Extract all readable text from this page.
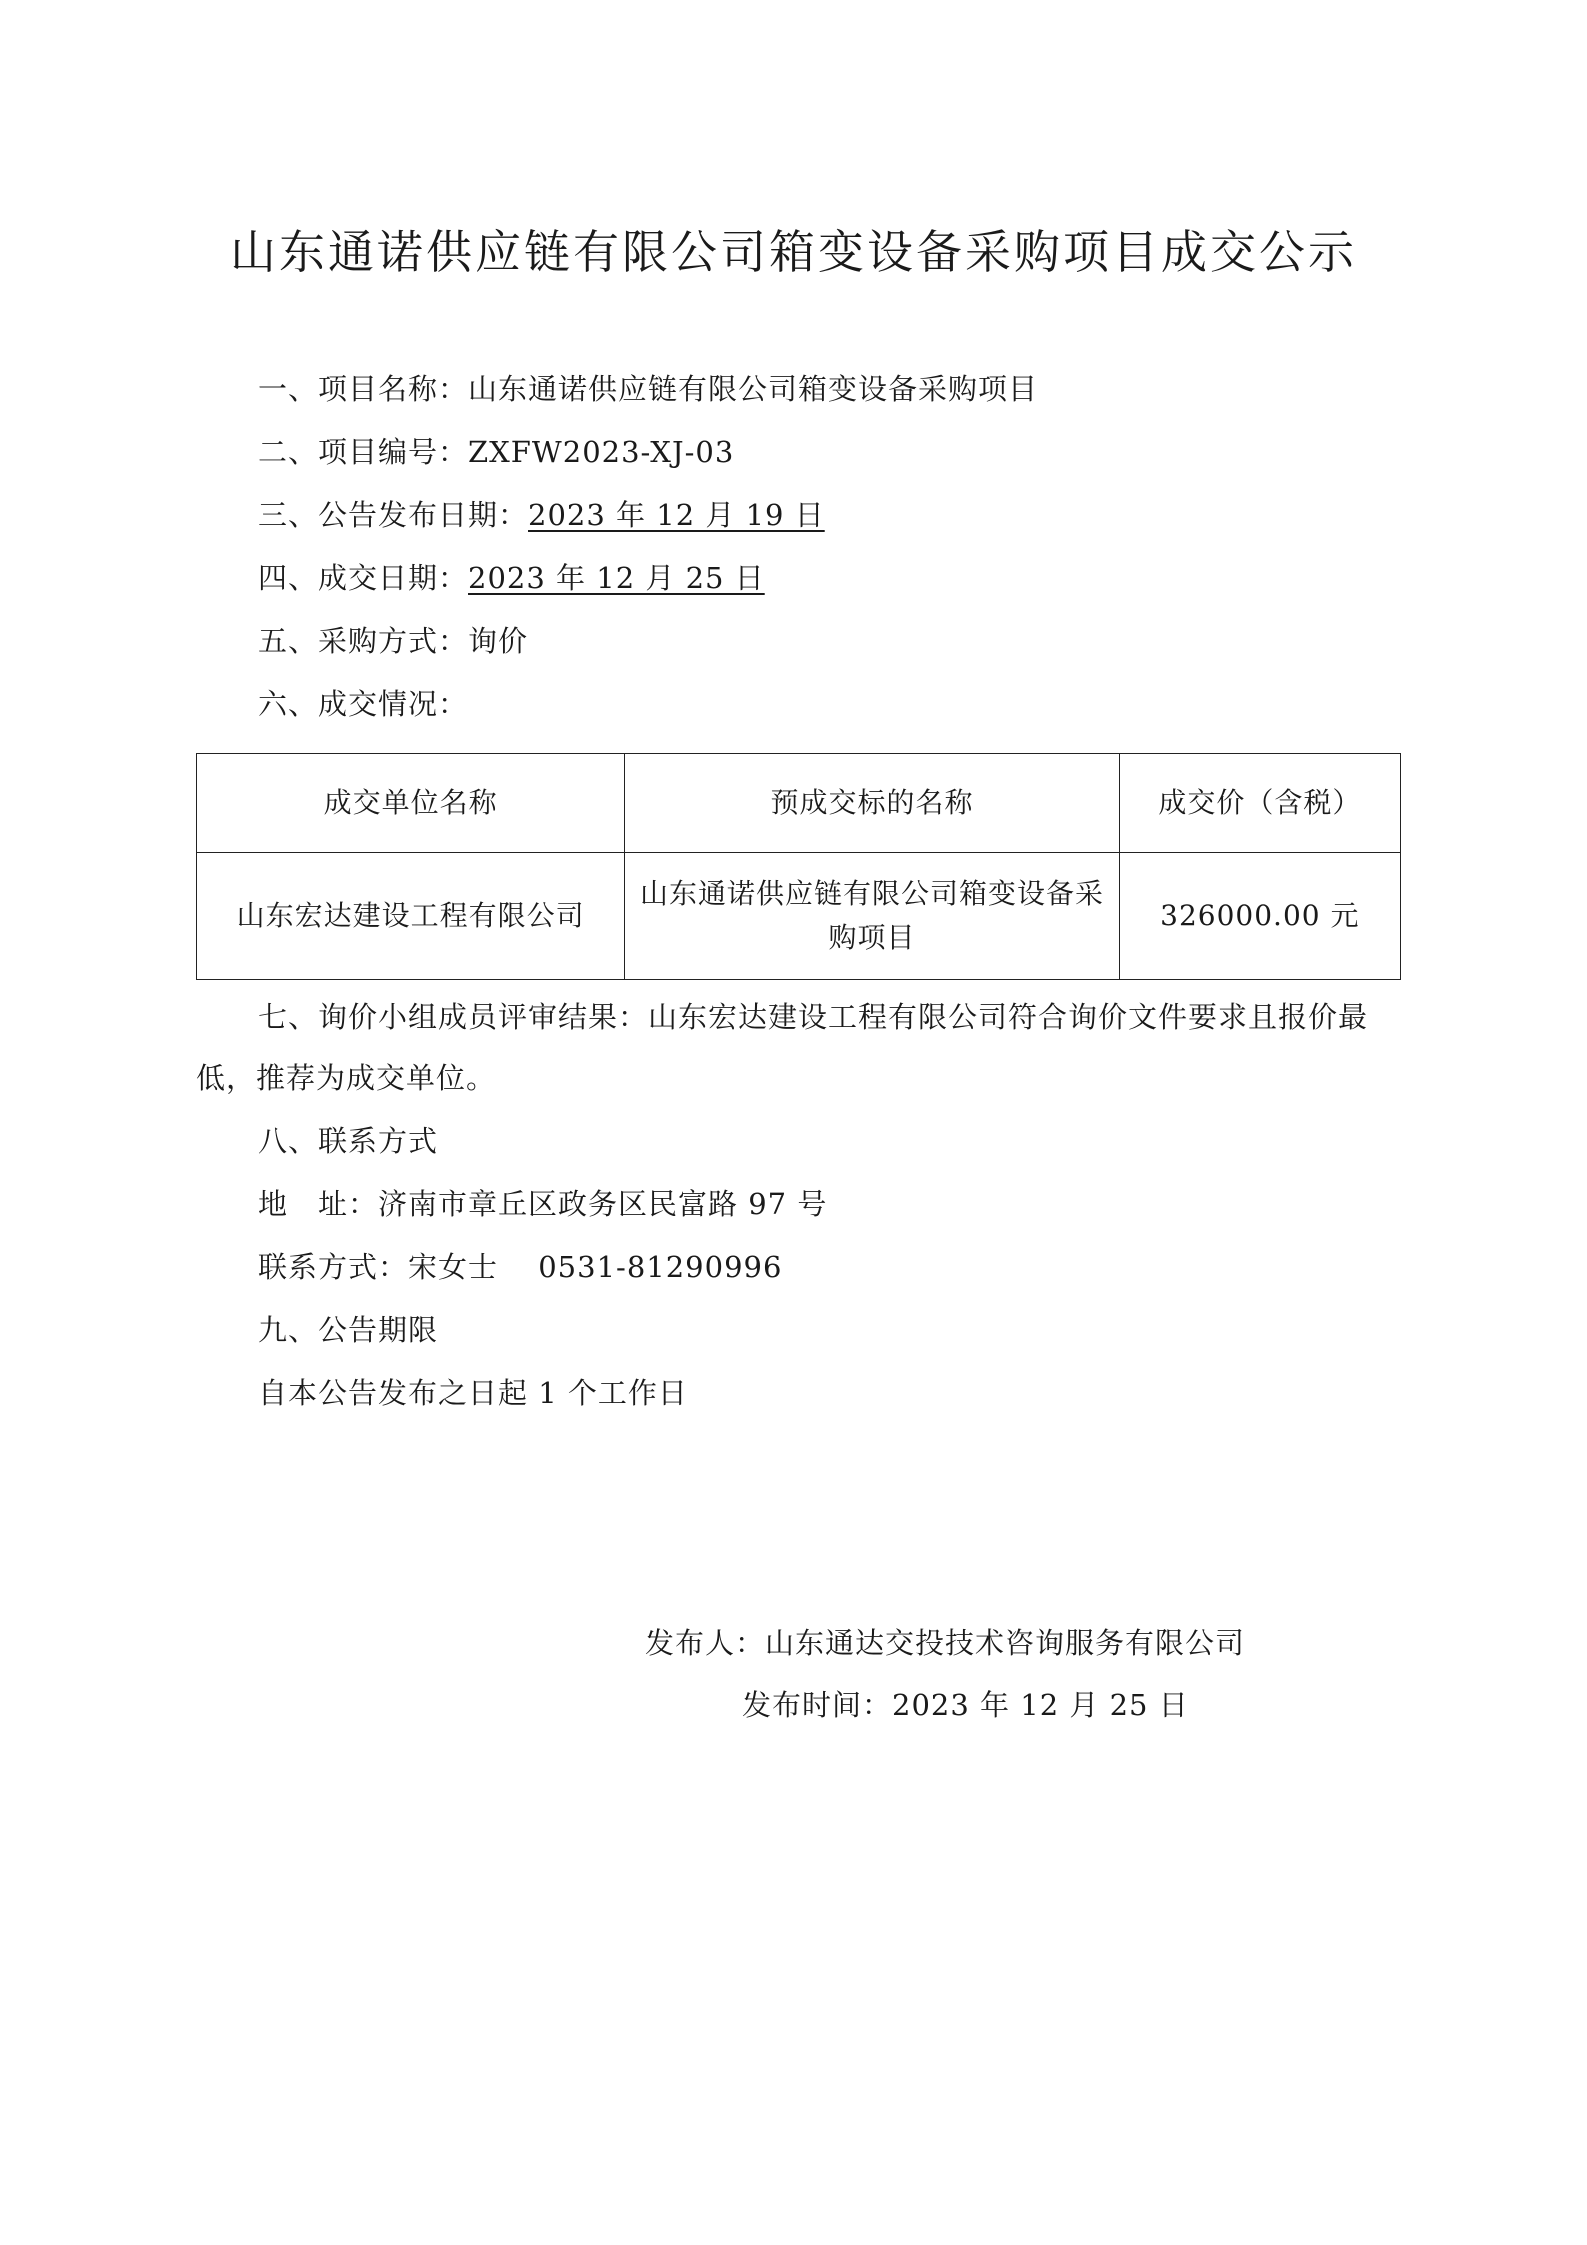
山东通诺供应链有限公司箱变设备采购项目成交公示
一、项目名称：山东通诺供应链有限公司箱变设备采购项目
二、项目编号：ZXFW2023-XJ-03
三、公告发布日期：2023 年 12 月 19 日
四、成交日期：2023 年 12 月 25 日
五、采购方式：询价
六、成交情况：
成交单位名称	预成交标的名称	成交价（含税）
山东宏达建设工程有限公司	山东通诺供应链有限公司箱变设备采购项目	326000.00 元
七、询价小组成员评审结果：山东宏达建设工程有限公司符合询价文件要求且报价最低，推荐为成交单位。
八、联系方式
地　址：济南市章丘区政务区民富路 97 号
联系方式：宋女士　 0531-81290996
九、公告期限
自本公告发布之日起 1 个工作日
发布人：山东通达交投技术咨询服务有限公司
发布时间：2023 年 12 月 25 日
